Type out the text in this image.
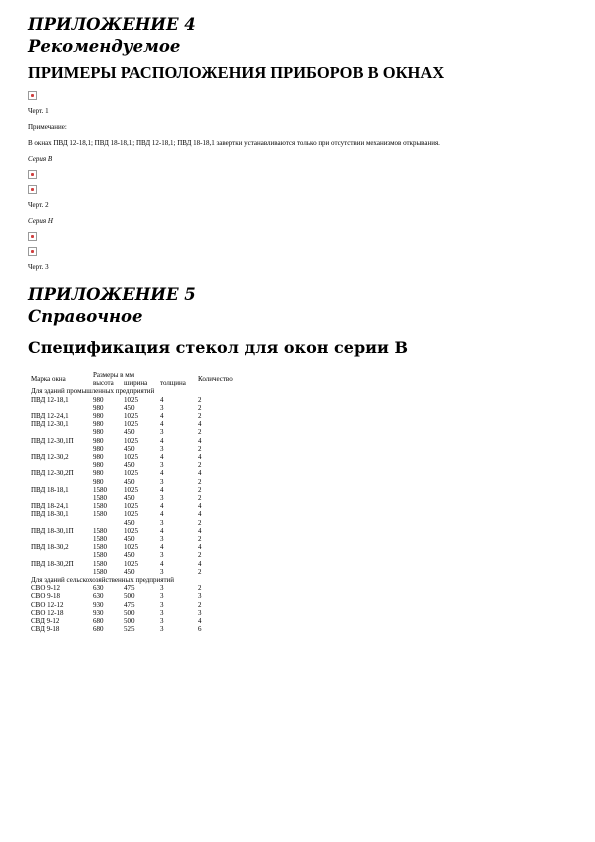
ПРИЛОЖЕНИЕ 4
Рекомендуемое
ПРИМЕРЫ РАСПОЛОЖЕНИЯ ПРИБОРОВ В ОКНАХ
Черт. 1
Примечание:
В окнах ПВД 12-18,1; ПВД 18-18,1; ПВД 12-18,1; ПВД 18-18,1 завертки устанавливаются только при отсутствии механизмов открывания.
Серия В
Черт. 2
Серия Н
Черт. 3
ПРИЛОЖЕНИЕ 5
Справочное
Спецификация стекол для окон серии В
Марка окна	Размеры в мм			Количество
	высота	ширина	толщина	
Для зданий промышленных предприятий				
ПВД 12-18,1	980	1025	4	2
	980	450	3	2
ПВД 12-24,1	980	1025	4	2
ПВД 12-30,1	980	1025	4	4
	980	450	3	2
ПВД 12-30,1П	980	1025	4	4
	980	450	3	2
ПВД 12-30,2	980	1025	4	4
	980	450	3	2
ПВД 12-30,2П	980	1025	4	4
	980	450	3	2
ПВД 18-18,1	1580	1025	4	2
	1580	450	3	2
ПВД 18-24,1	1580	1025	4	4
ПВД 18-30,1	1580	1025	4	4
		450	3	2
ПВД 18-30,1П	1580	1025	4	4
	1580	450	3	2
ПВД 18-30,2	1580	1025	4	4
	1580	450	3	2
ПВД 18-30,2П	1580	1025	4	4
	1580	450	3	2
Для зданий сельскохозяйственных предприятий				
СВО 9-12	630	475	3	2
СВО 9-18	630	500	3	3
СВО 12-12	930	475	3	2
СВО 12-18	930	500	3	3
СВД 9-12	680	500	3	4
СВД 9-18	680	525	3	6
